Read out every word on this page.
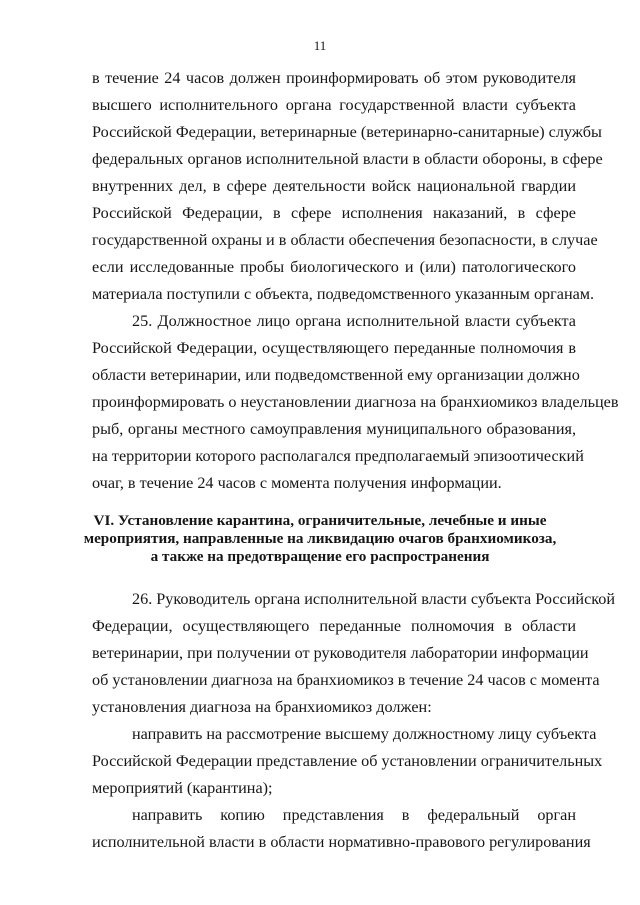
11
в течение 24 часов должен проинформировать об этом руководителя
высшего исполнительного органа государственной власти субъекта
Российской Федерации, ветеринарные (ветеринарно-санитарные) службы
федеральных органов исполнительной власти в области обороны, в сфере
внутренних дел, в сфере деятельности войск национальной гвардии
Российской Федерации, в сфере исполнения наказаний, в сфере
государственной охраны и в области обеспечения безопасности, в случае
если исследованные пробы биологического и (или) патологического
материала поступили с объекта, подведомственного указанным органам.
25. Должностное лицо органа исполнительной власти субъекта
Российской Федерации, осуществляющего переданные полномочия в
области ветеринарии, или подведомственной ему организации должно
проинформировать о неустановлении диагноза на бранхиомикоз владельцев
рыб, органы местного самоуправления муниципального образования,
на территории которого располагался предполагаемый эпизоотический
очаг, в течение 24 часов с момента получения информации.
VI. Установление карантина, ограничительные, лечебные и иные
мероприятия, направленные на ликвидацию очагов бранхиомикоза,
а также на предотвращение его распространения
26. Руководитель органа исполнительной власти субъекта Российской
Федерации, осуществляющего переданные полномочия в области
ветеринарии, при получении от руководителя лаборатории информации
об установлении диагноза на бранхиомикоз в течение 24 часов с момента
установления диагноза на бранхиомикоз должен:
направить на рассмотрение высшему должностному лицу субъекта
Российской Федерации представление об установлении ограничительных
мероприятий (карантина);
направить копию представления в федеральный орган
исполнительной власти в области нормативно-правового регулирования
